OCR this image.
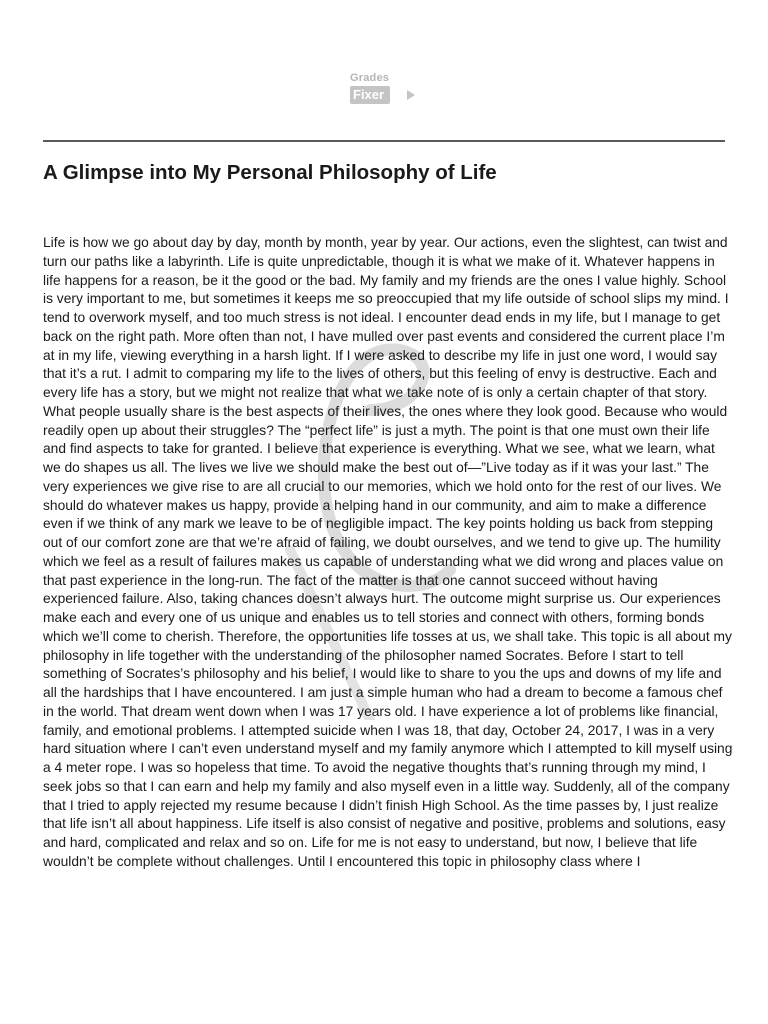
Grades
Fixer
A Glimpse into My Personal Philosophy of Life

Life is how we go about day by day, month by month, year by year. Our actions, even the slightest, can twist and turn our paths like a labyrinth. Life is quite unpredictable, though it is what we make of it. Whatever happens in life happens for a reason, be it the good or the bad. My family and my friends are the ones I value highly. School is very important to me, but sometimes it keeps me so preoccupied that my life outside of school slips my mind. I tend to overwork myself, and too much stress is not ideal. I encounter dead ends in my life, but I manage to get back on the right path. More often than not, I have mulled over past events and considered the current place I’m at in my life, viewing everything in a harsh light. If I were asked to describe my life in just one word, I would say that it’s a rut. I admit to comparing my life to the lives of others, but this feeling of envy is destructive. Each and every life has a story, but we might not realize that what we take note of is only a certain chapter of that story. What people usually share is the best aspects of their lives, the ones where they look good. Because who would readily open up about their struggles? The “perfect life” is just a myth. The point is that one must own their life and find aspects to take for granted. I believe that experience is everything. What we see, what we learn, what we do shapes us all. The lives we live we should make the best out of—”Live today as if it was your last.” The very experiences we give rise to are all crucial to our memories, which we hold onto for the rest of our lives. We should do whatever makes us happy, provide a helping hand in our community, and aim to make a difference even if we think of any mark we leave to be of negligible impact. The key points holding us back from stepping out of our comfort zone are that we’re afraid of failing, we doubt ourselves, and we tend to give up. The humility which we feel as a result of failures makes us capable of understanding what we did wrong and places value on that past experience in the long-run. The fact of the matter is that one cannot succeed without having experienced failure. Also, taking chances doesn’t always hurt. The outcome might surprise us. Our experiences make each and every one of us unique and enables us to tell stories and connect with others, forming bonds which we’ll come to cherish. Therefore, the opportunities life tosses at us, we shall take. This topic is all about my philosophy in life together with the understanding of the philosopher named Socrates. Before I start to tell something of Socrates’s philosophy and his belief, I would like to share to you the ups and downs of my life and all the hardships that I have encountered. I am just a simple human who had a dream to become a famous chef in the world. That dream went down when I was 17 years old. I have experience a lot of problems like financial, family, and emotional problems. I attempted suicide when I was 18, that day, October 24, 2017, I was in a very hard situation where I can’t even understand myself and my family anymore which I attempted to kill myself using a 4 meter rope. I was so hopeless that time. To avoid the negative thoughts that’s running through my mind, I seek jobs so that I can earn and help my family and also myself even in a little way. Suddenly, all of the company that I tried to apply rejected my resume because I didn’t finish High School. As the time passes by, I just realize that life isn’t all about happiness. Life itself is also consist of negative and positive, problems and solutions, easy and hard, complicated and relax and so on. Life for me is not easy to understand, but now, I believe that life wouldn’t be complete without challenges. Until I encountered this topic in philosophy class where I
